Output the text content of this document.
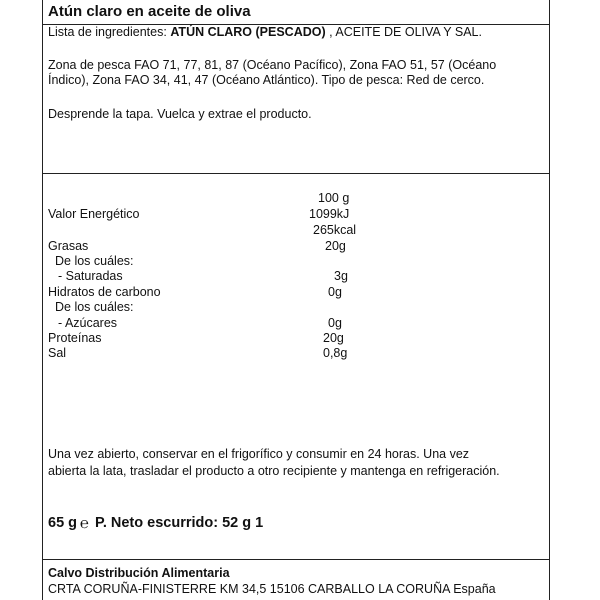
Atún claro en aceite de oliva
Lista de ingredientes: ATÚN CLARO (PESCADO) , ACEITE DE OLIVA Y SAL.
Zona de pesca FAO 71, 77, 81, 87 (Océano Pacífico), Zona FAO 51, 57 (Océano
Índico), Zona FAO 34, 41, 47 (Océano Atlántico). Tipo de pesca: Red de cerco.
Desprende la tapa. Vuelca y extrae el producto.
100 g
Valor Energético	1099kJ
265kcal
Grasas	20g
De los cuáles:
- Saturadas	3g
Hidratos de carbono	0g
De los cuáles:
- Azúcares	0g
Proteínas	20g
Sal	0,8g
Una vez abierto, conservar en el frigorífico y consumir en 24 horas. Una vez
abierta la lata, trasladar el producto a otro recipiente y mantenga en refrigeración.
65 g ℮ P. Neto escurrido: 52 g 1
Calvo Distribución Alimentaria
CRTA CORUÑA-FINISTERRE KM 34,5 15106 CARBALLO LA CORUÑA España
